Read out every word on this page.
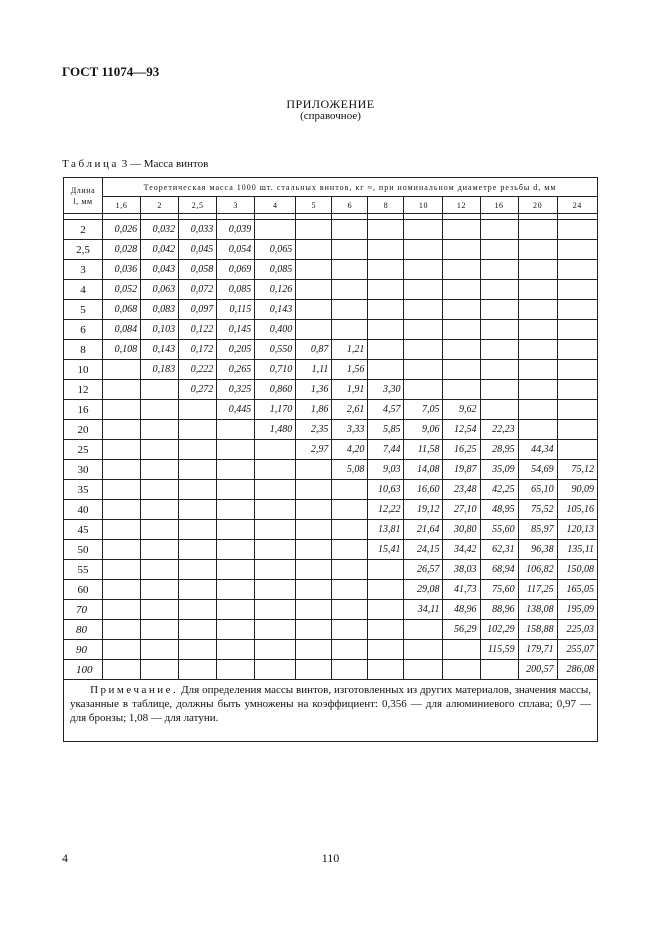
ГОСТ 11074—93
ПРИЛОЖЕНИЕ
(справочное)
Таблица 3 — Масса винтов
Длина
l, мм	Теоретическая масса 1000 шт. стальных винтов, кг ≈, при номинальном диаметре резьбы d, мм												
	1,6	2	2,5	3	4	5	6	8	10	12	16	20	24

2	0,026	0,032	0,033	0,039									
2,5	0,028	0,042	0,045	0,054	0,065								
3	0,036	0,043	0,058	0,069	0,085								
4	0,052	0,063	0,072	0,085	0,126								
5	0,068	0,083	0,097	0,115	0,143								
6	0,084	0,103	0,122	0,145	0,400								
8	0,108	0,143	0,172	0,205	0,550	0,87	1,21						
10		0,183	0,222	0,265	0,710	1,11	1,56						
12			0,272	0,325	0,860	1,36	1,91	3,30					
16				0,445	1,170	1,86	2,61	4,57	7,05	9,62			
20					1,480	2,35	3,33	5,85	9,06	12,54	22,23		
25						2,97	4,20	7,44	11,58	16,25	28,95	44,34	
30							5,08	9,03	14,08	19,87	35,09	54,69	75,12
35								10,63	16,60	23,48	42,25	65,10	90,09
40								12,22	19,12	27,10	48,95	75,52	105,16
45								13,81	21,64	30,80	55,60	85,97	120,13
50								15,41	24,15	34,42	62,31	96,38	135,11
55									26,57	38,03	68,94	106,82	150,08
60									29,08	41,73	75,60	117,25	165,05
70									34,11	48,96	88,96	138,08	195,09
80										56,29	102,29	158,88	225,03
90											115,59	179,71	255,07
100												200,57	286,08
Примечание. Для определения массы винтов, изготовленных из других материалов, значения массы, указанные в таблице, должны быть умножены на коэффициент: 0,356 — для алюминиевого сплава; 0,97 — для бронзы; 1,08 — для латуни.													
4	110
